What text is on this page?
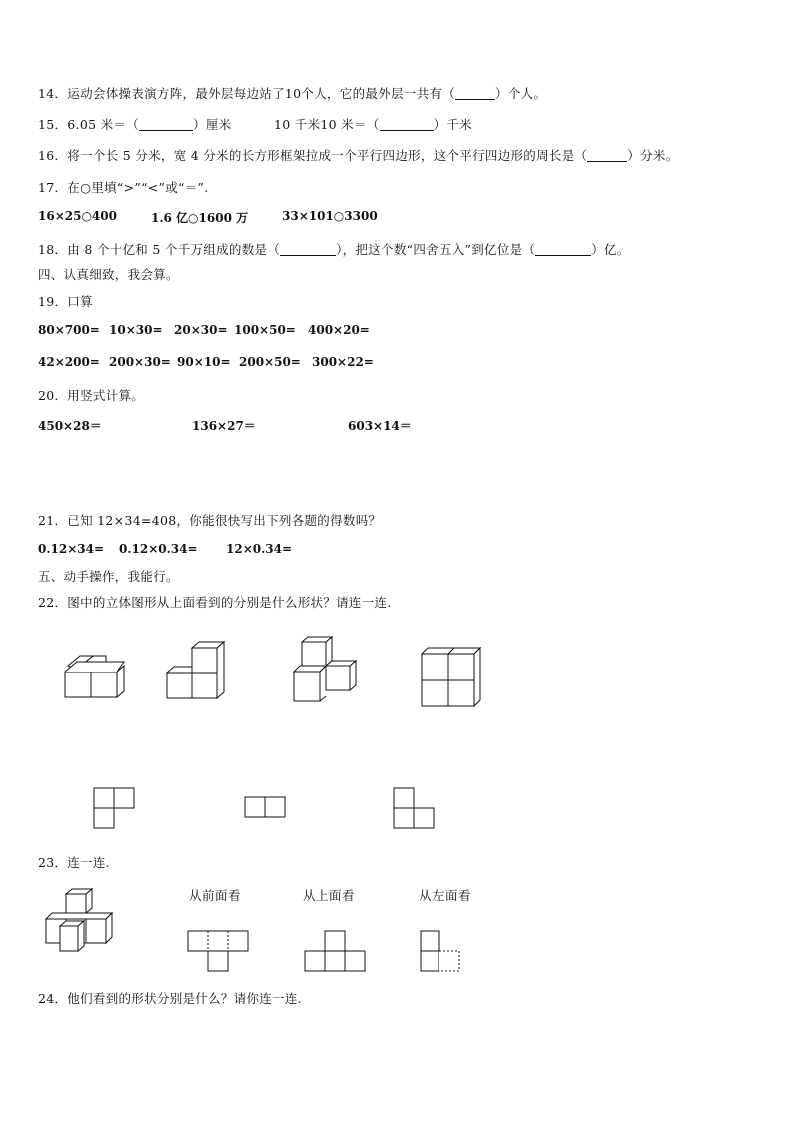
14．运动会体操表演方阵，最外层每边站了10个人，它的最外层一共有（	）个人。
15．6.05 米＝（	）厘米	10 千米10 米＝（	）千米
16．将一个长 5 分米，宽 4 分米的长方形框架拉成一个平行四边形，这个平行四边形的周长是（	）分米。
17．在○里填“>”“<”或“＝”.
16×25○400	1.6 亿○1600 万	33×101○3300
18．由 8 个十亿和 5 个千万组成的数是（	），把这个数“四舍五入”到亿位是（	）亿。
四、认真细致，我会算。
19．口算
80×700= 10×30= 20×30= 100×50= 400×20=
42×200= 200×30= 90×10= 200×50= 300×22=
20．用竖式计算。
450×28＝	136×27＝	603×14＝
21．已知 12×34=408，你能很快写出下列各题的得数吗？
0.12×34= 0.12×0.34= 12×0.34=
五、动手操作，我能行。
22．图中的立体图形从上面看到的分别是什么形状？请连一连.
23．连一连.
从前面看	从上面看	从左面看
24．他们看到的形状分别是什么？请你连一连.
